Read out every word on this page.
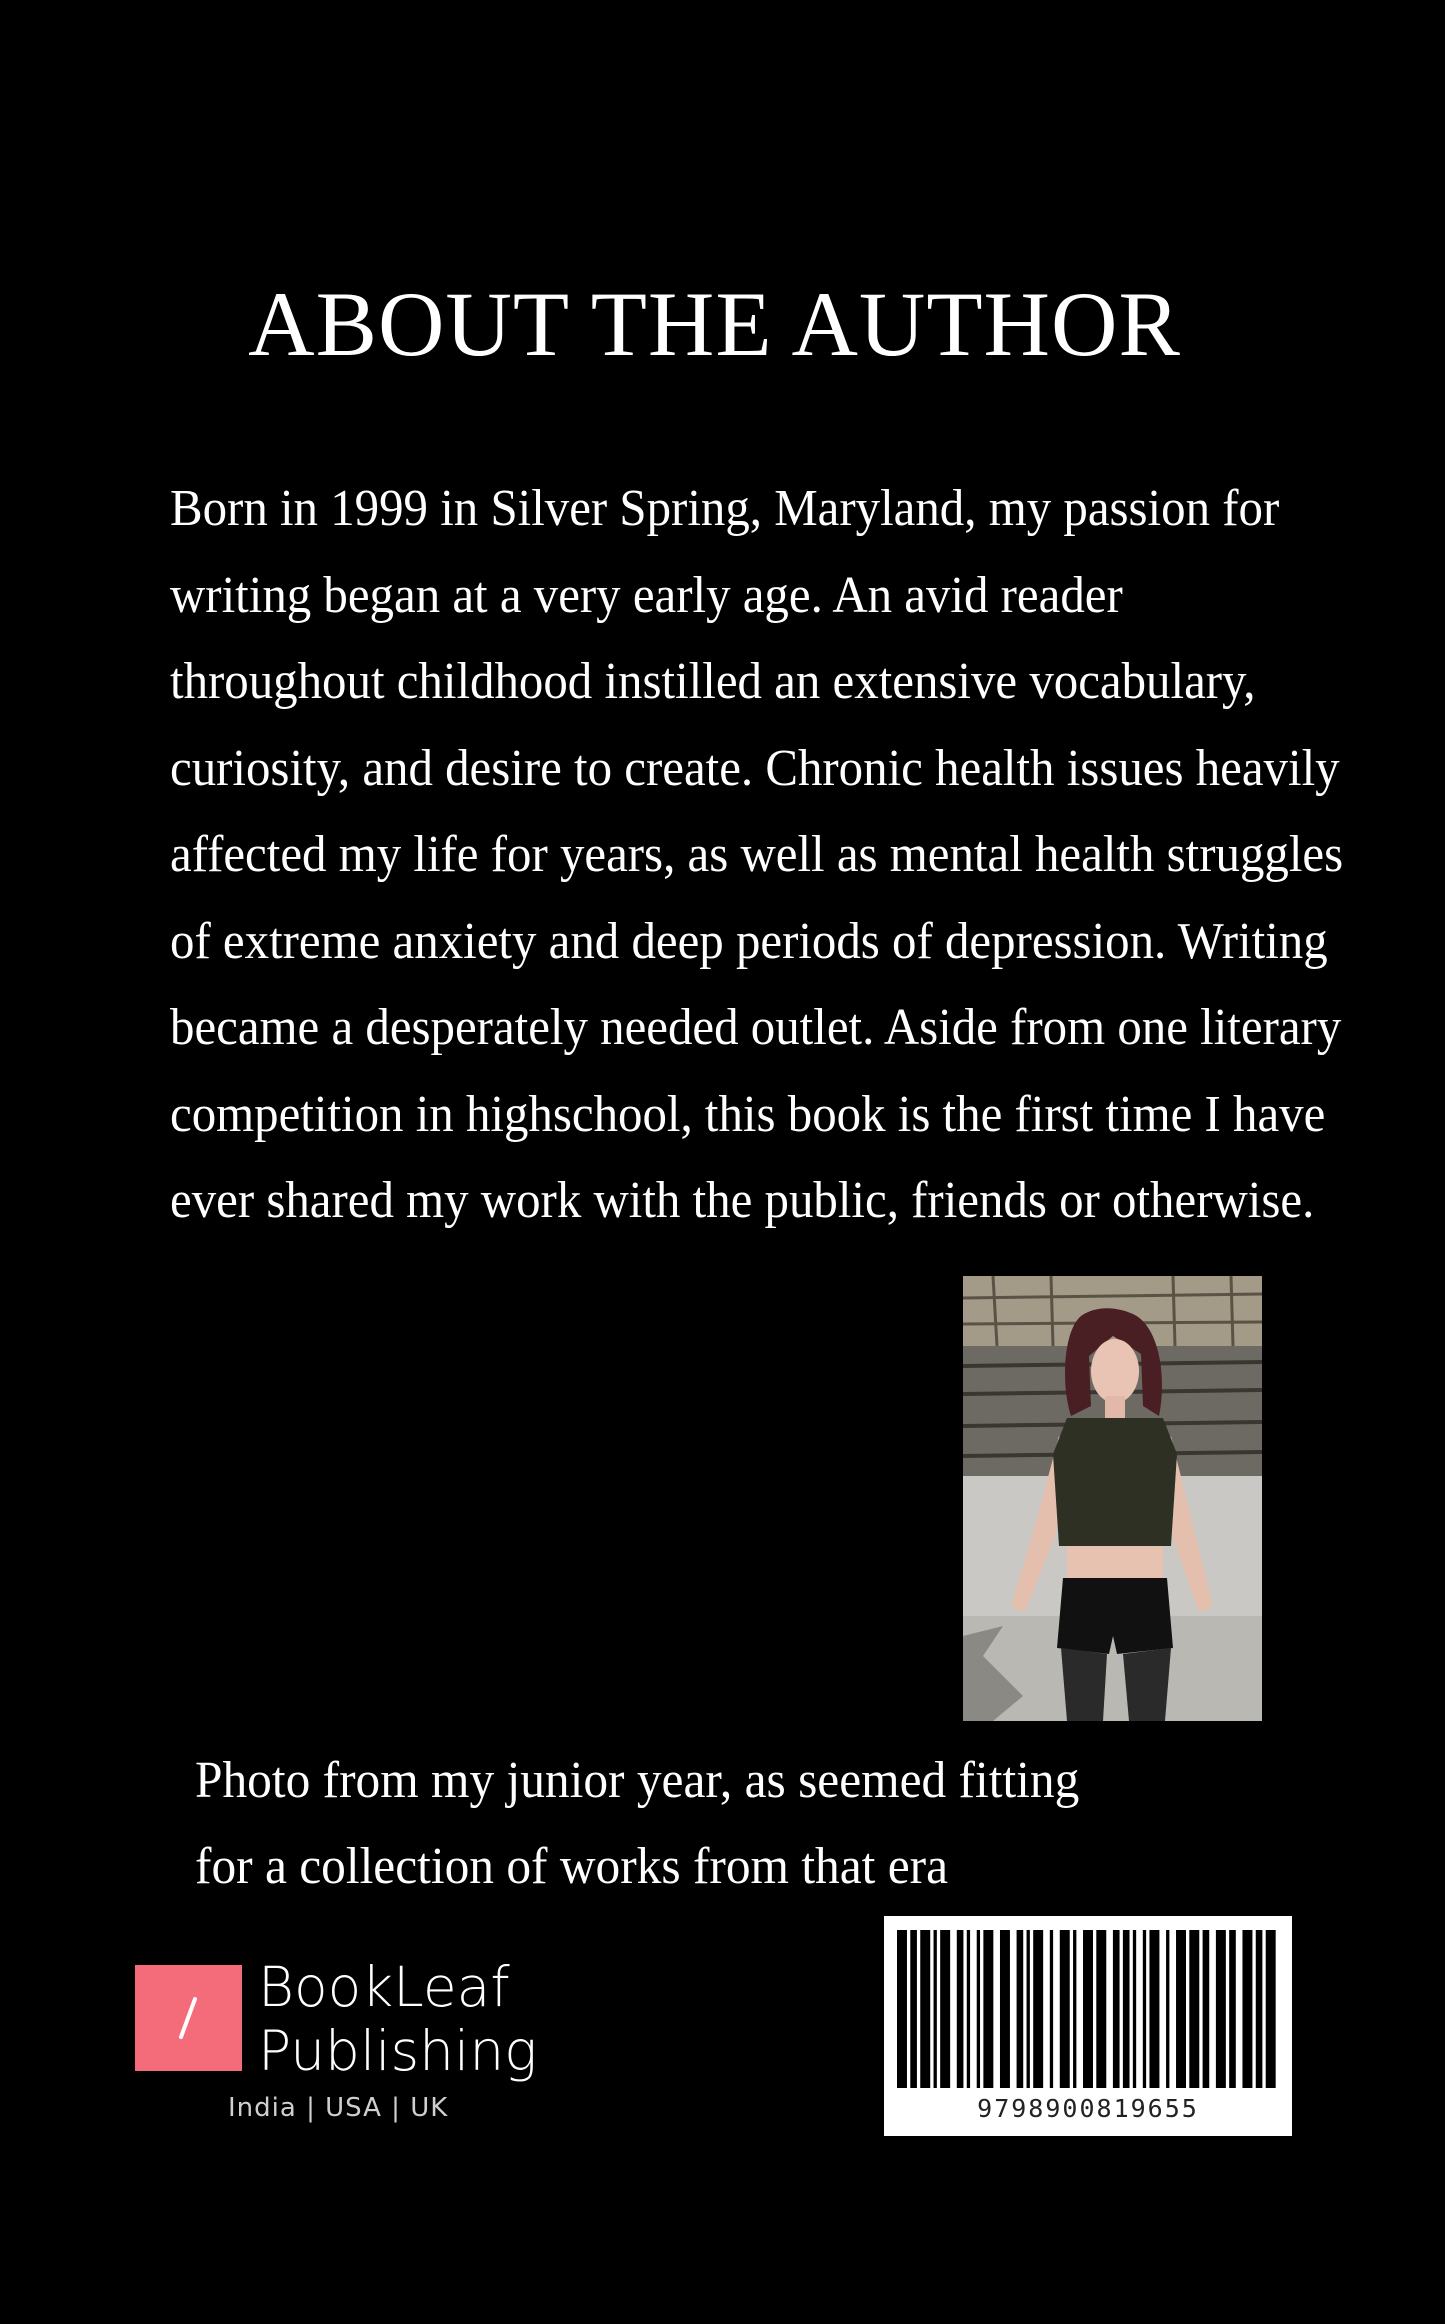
ABOUT THE AUTHOR

Born in 1999 in Silver Spring, Maryland, my passion for
writing began at a very early age. An avid reader
throughout childhood instilled an extensive vocabulary,
curiosity, and desire to create. Chronic health issues heavily
affected my life for years, as well as mental health struggles
of extreme anxiety and deep periods of depression. Writing
became a desperately needed outlet. Aside from one literary
competition in highschool, this book is the first time I have
ever shared my work with the public, friends or otherwise.

Photo from my junior year, as seemed fitting
for a collection of works from that era
BookLeaf
Publishing
India | USA | UK	9798900819655
